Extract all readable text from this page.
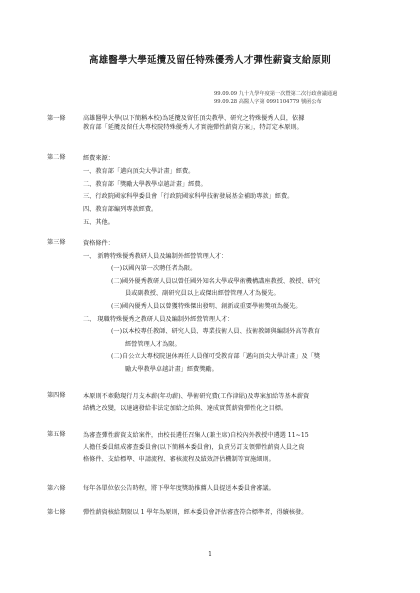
高雄醫學大學延攬及留任特殊優秀人才彈性薪資支給原則
99.09.09 九十九學年度第一次暨第二次行政會議通過
99.09.28 高醫人字第 0991104779 號函公布
第一條	高雄醫學大學(以下簡稱本校)為延攬及留任頂尖教學、研究之特殊優秀人員，依據
教育部「延攬及留任大專校院特殊優秀人才實施彈性薪資方案」，特訂定本原則。
第二條	經費來源：
一、教育部「邁向頂尖大學計畫」經費。
二、教育部「獎勵大學教學卓越計畫」經費。
三、行政院國家科學委員會「行政院國家科學技術發展基金補助專款」經費。
四、教育部編列專款經費。
五、其他。
第三條	資格條件：
一、 新聘特殊優秀教研人員及編制外經營管理人才：
(一)以國內第一次聘任者為限。
(二)國外優秀教研人員以曾任國外知名大學或學術機構講座教授、教授、研究
員或副教授、副研究員以上或傑出經營管理人才為優先。
(三)國內優秀人員以曾獲特殊傑出發明、創新或重要學術獎項為優先。
二、 現職特殊優秀之教研人員及編制外經營管理人才：
(一)以本校專任教師、研究人員、專業技術人員、技術教師與編制外高等教育
經營管理人才為限。
(二)自公立大專校院退休再任人員僅可受教育部「邁向頂尖大學計畫」及「獎
勵大學教學卓越計畫」經費獎勵。
第四條	本原則不牽動現行月支本薪(年功薪)、學術研究費(工作津貼)及專案加給等基本薪資
結構之改變，以達適發給非法定加給之給與、達成實質薪資彈性化之目標。
第五條	為審查彈性薪資支給案件，由校長遴任召集人(兼主席)自校內外教授中遴選 11~15
人擔任委員組成審查委員會(以下簡稱本委員會)，負責另訂支領彈性薪資人員之資
格條件、支給標準、申請流程、審核流程及績效評估機制等實施細則。
第六條	每年各單位依公告時程，將下學年度獎助推薦人員提送本委員會審議。
第七條	彈性薪資核給期限以 1 學年為原則，經本委員會評估審查符合標準者，得續核發。
1
